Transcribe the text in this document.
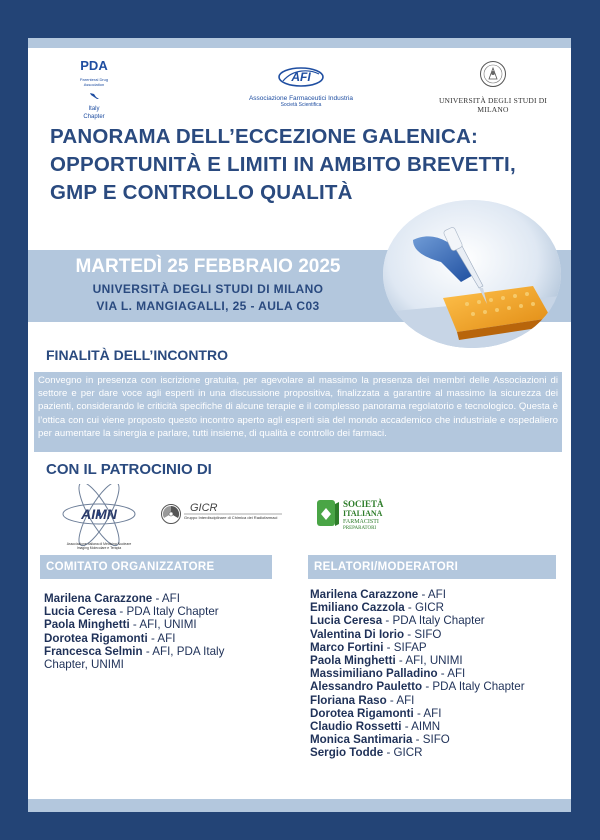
PDA
Parenteral Drug Association
Italy
Chapter
AFI
Associazione Farmaceutici Industria
Società Scientifica	UNIVERSITÀ DEGLI STUDI DI MILANO
PANORAMA DELL’ECCEZIONE GALENICA:
OPPORTUNITÀ E LIMITI IN AMBITO BREVETTI,
GMP E CONTROLLO QUALITÀ
MARTEDÌ 25 FEBBRAIO 2025
UNIVERSITÀ DEGLI STUDI DI MILANO
VIA L. MANGIAGALLI, 25 - AULA C03
FINALITÀ DELL’INCONTRO
Convegno in presenza con iscrizione gratuita, per agevolare al massimo la presenza dei membri delle Associazioni di settore e per dare voce agli esperti in una discussione propositiva, finalizzata a garantire al massimo la sicurezza dei pazienti, considerando le criticità specifiche di alcune terapie e il complesso panorama regolatorio e tecnologico. Questa è l’ottica con cui viene proposto questo incontro aperto agli esperti sia del mondo accademico che industriale e ospedaliero per aumentare la sinergia e parlare, tutti insieme, di qualità e controllo dei farmaci.
CON IL PATROCINIO DI
AIMN
Associazione Italiana di Medicina Nucleare Imaging Molecolare e Terapia
GICR
Gruppo Interdisciplinare di Chimica dei Radiofarmaci
SOCIETÀ
ITALIANA
FARMACISTI
PREPARATORI
COMITATO ORGANIZZATORE	RELATORI/MODERATORI
Marilena Carazzone - AFI
Lucia Ceresa - PDA Italy Chapter
Paola Minghetti - AFI, UNIMI
Dorotea Rigamonti - AFI
Francesca Selmin - AFI, PDA Italy Chapter, UNIMI
Marilena Carazzone - AFI
Emiliano Cazzola - GICR
Lucia Ceresa - PDA Italy Chapter
Valentina Di Iorio - SIFO
Marco Fortini - SIFAP
Paola Minghetti - AFI, UNIMI
Massimiliano Palladino - AFI
Alessandro Pauletto - PDA Italy Chapter
Floriana Raso - AFI
Dorotea Rigamonti - AFI
Claudio Rossetti - AIMN
Monica Santimaria - SIFO
Sergio Todde - GICR
